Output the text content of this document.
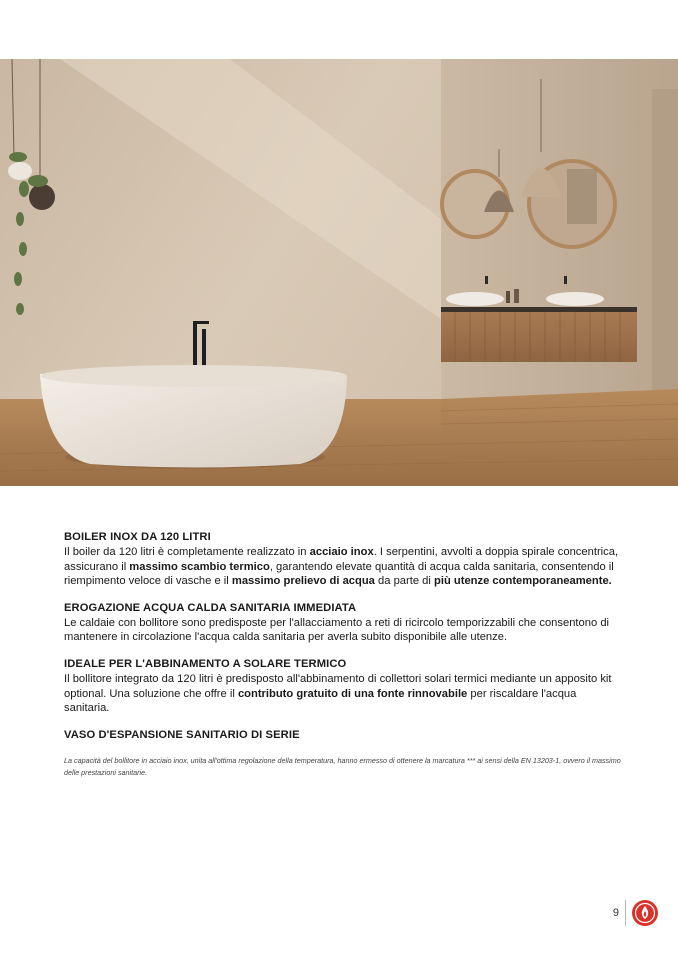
BOILER INOX DA 120 LITRI
Il boiler da 120 litri è completamente realizzato in acciaio inox. I serpentini, avvolti a doppia spirale concentrica, assicurano il massimo scambio termico, garantendo elevate quantità di acqua calda sanitaria, consentendo il riempimento veloce di vasche e il massimo prelievo di acqua da parte di più utenze contemporaneamente.
EROGAZIONE ACQUA CALDA SANITARIA IMMEDIATA
Le caldaie con bollitore sono predisposte per l'allacciamento a reti di ricircolo temporizzabili che consentono di mantenere in circolazione l'acqua calda sanitaria per averla subito disponibile alle utenze.
IDEALE PER L'ABBINAMENTO A SOLARE TERMICO
Il bollitore integrato da 120 litri è predisposto all'abbinamento di collettori solari termici mediante un apposito kit optional. Una soluzione che offre il contributo gratuito di una fonte rinnovabile per riscaldare l'acqua sanitaria.
VASO D'ESPANSIONE SANITARIO DI SERIE
La capacità del bollitore in acciaio inox, unita all'ottima regolazione della temperatura, hanno ermesso di ottenere la marcatura *** ai sensi della EN 13203-1, ovvero il massimo delle prestazioni sanitarie.
9
